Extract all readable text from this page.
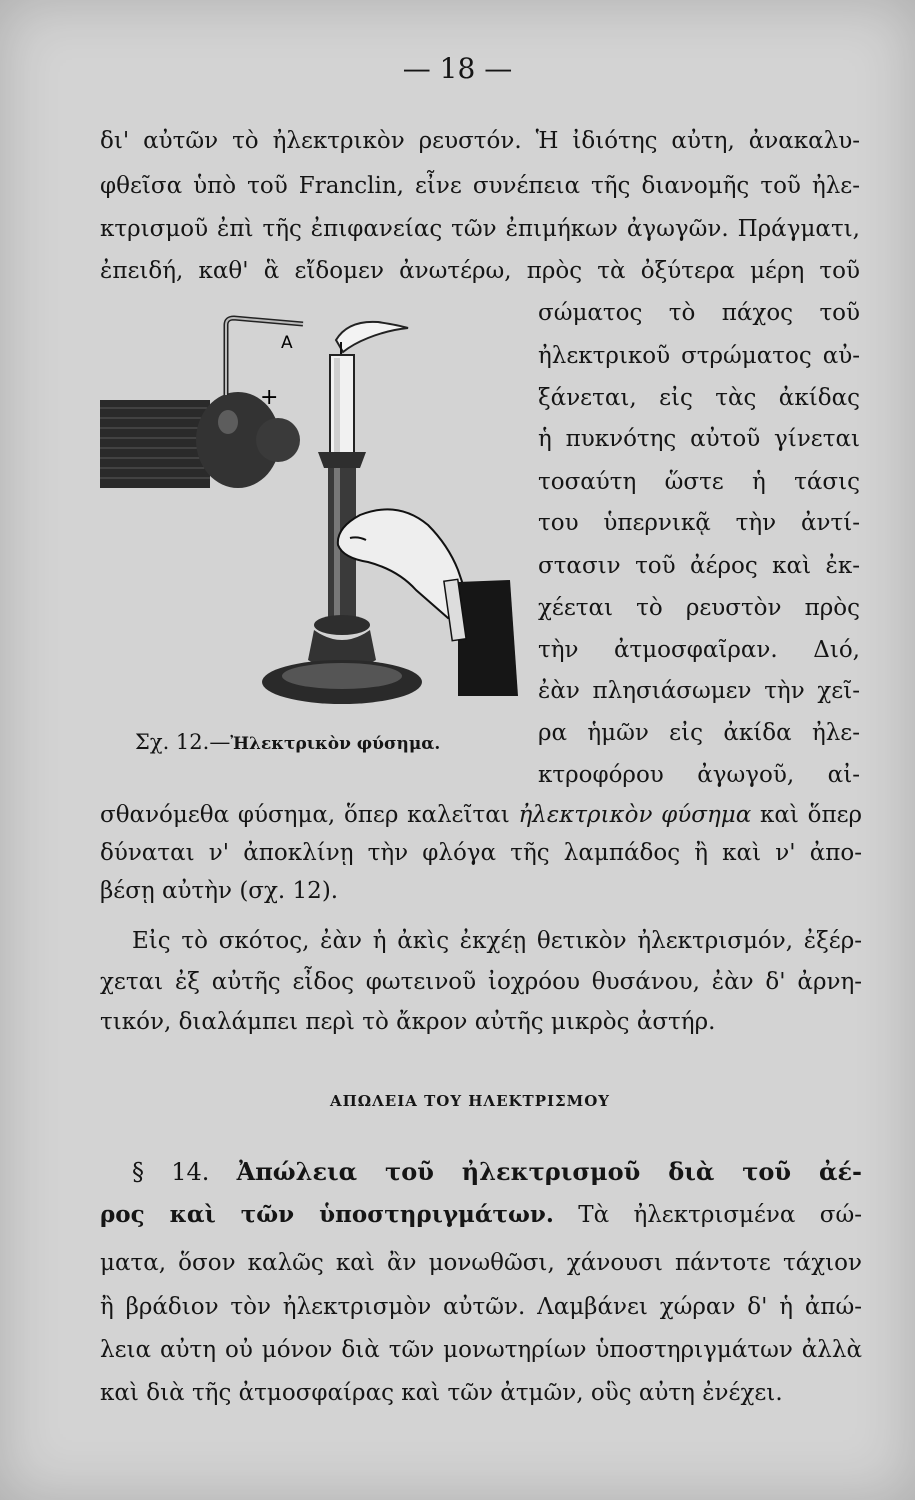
— 18 —
δι' αὐτῶν τὸ ἠλεκτρικὸν ρευστόν. Ἡ ἰδιότης αὐτη, ἀνακαλυ-
φθεῖσα ὑπὸ τοῦ Franclin, εἶνε συνέπεια τῆς διανομῆς τοῦ ἠλε-
κτρισμοῦ ἐπὶ τῆς ἐπιφανείας τῶν ἐπιμήκων ἀγωγῶν. Πράγματι,
ἐπειδή, καθ' ἃ εἴδομεν ἀνωτέρω, πρὸς τὰ ὀξύτερα μέρη τοῦ
σώματος τὸ πάχος τοῦ
ἠλεκτρικοῦ στρώματος αὐ-
ξάνεται, εἰς τὰς ἀκίδας
ἡ πυκνότης αὐτοῦ γίνεται
τοσαύτη ὥστε ἡ τάσις
του ὑπερνικᾷ τὴν ἀντί-
στασιν τοῦ ἀέρος καὶ ἐκ-
χέεται τὸ ρευστὸν πρὸς
τὴν ἀτμοσφαῖραν. Διό,
ἐὰν πλησιάσωμεν τὴν χεῖ-
ρα ἡμῶν εἰς ἀκίδα ἠλε-
κτροφόρου ἀγωγοῦ, αἰ-
A
+
Σχ. 12.—Ἠλεκτρικὸν φύσημα.
σθανόμεθα φύσημα, ὅπερ καλεῖται ἠλεκτρικὸν φύσημα καὶ ὅπερ
δύναται ν' ἀποκλίνῃ τὴν φλόγα τῆς λαμπάδος ἢ καὶ ν' ἀπο-
βέσῃ αὐτὴν (σχ. 12).
Εἰς τὸ σκότος, ἐὰν ἡ ἀκὶς ἐκχέῃ θετικὸν ἠλεκτρισμόν, ἐξέρ-
χεται ἐξ αὐτῆς εἶδος φωτεινοῦ ἰοχρόου θυσάνου, ἐὰν δ' ἀρνη-
τικόν, διαλάμπει περὶ τὸ ἄκρον αὐτῆς μικρὸς ἀστήρ.
ΑΠΩΛΕΙΑ ΤΟΥ ΗΛΕΚΤΡΙΣΜΟΥ
§ 14. Ἀπώλεια τοῦ ἠλεκτρισμοῦ διὰ τοῦ ἀέ-
ρος καὶ τῶν ὑποστηριγμάτων. Τὰ ἠλεκτρισμένα σώ-
ματα, ὅσον καλῶς καὶ ἂν μονωθῶσι, χάνουσι πάντοτε τάχιον
ἢ βράδιον τὸν ἠλεκτρισμὸν αὐτῶν. Λαμβάνει χώραν δ' ἡ ἀπώ-
λεια αὐτη οὐ μόνον διὰ τῶν μονωτηρίων ὑποστηριγμάτων ἀλλὰ
καὶ διὰ τῆς ἀτμοσφαίρας καὶ τῶν ἀτμῶν, οὓς αὐτη ἐνέχει.
